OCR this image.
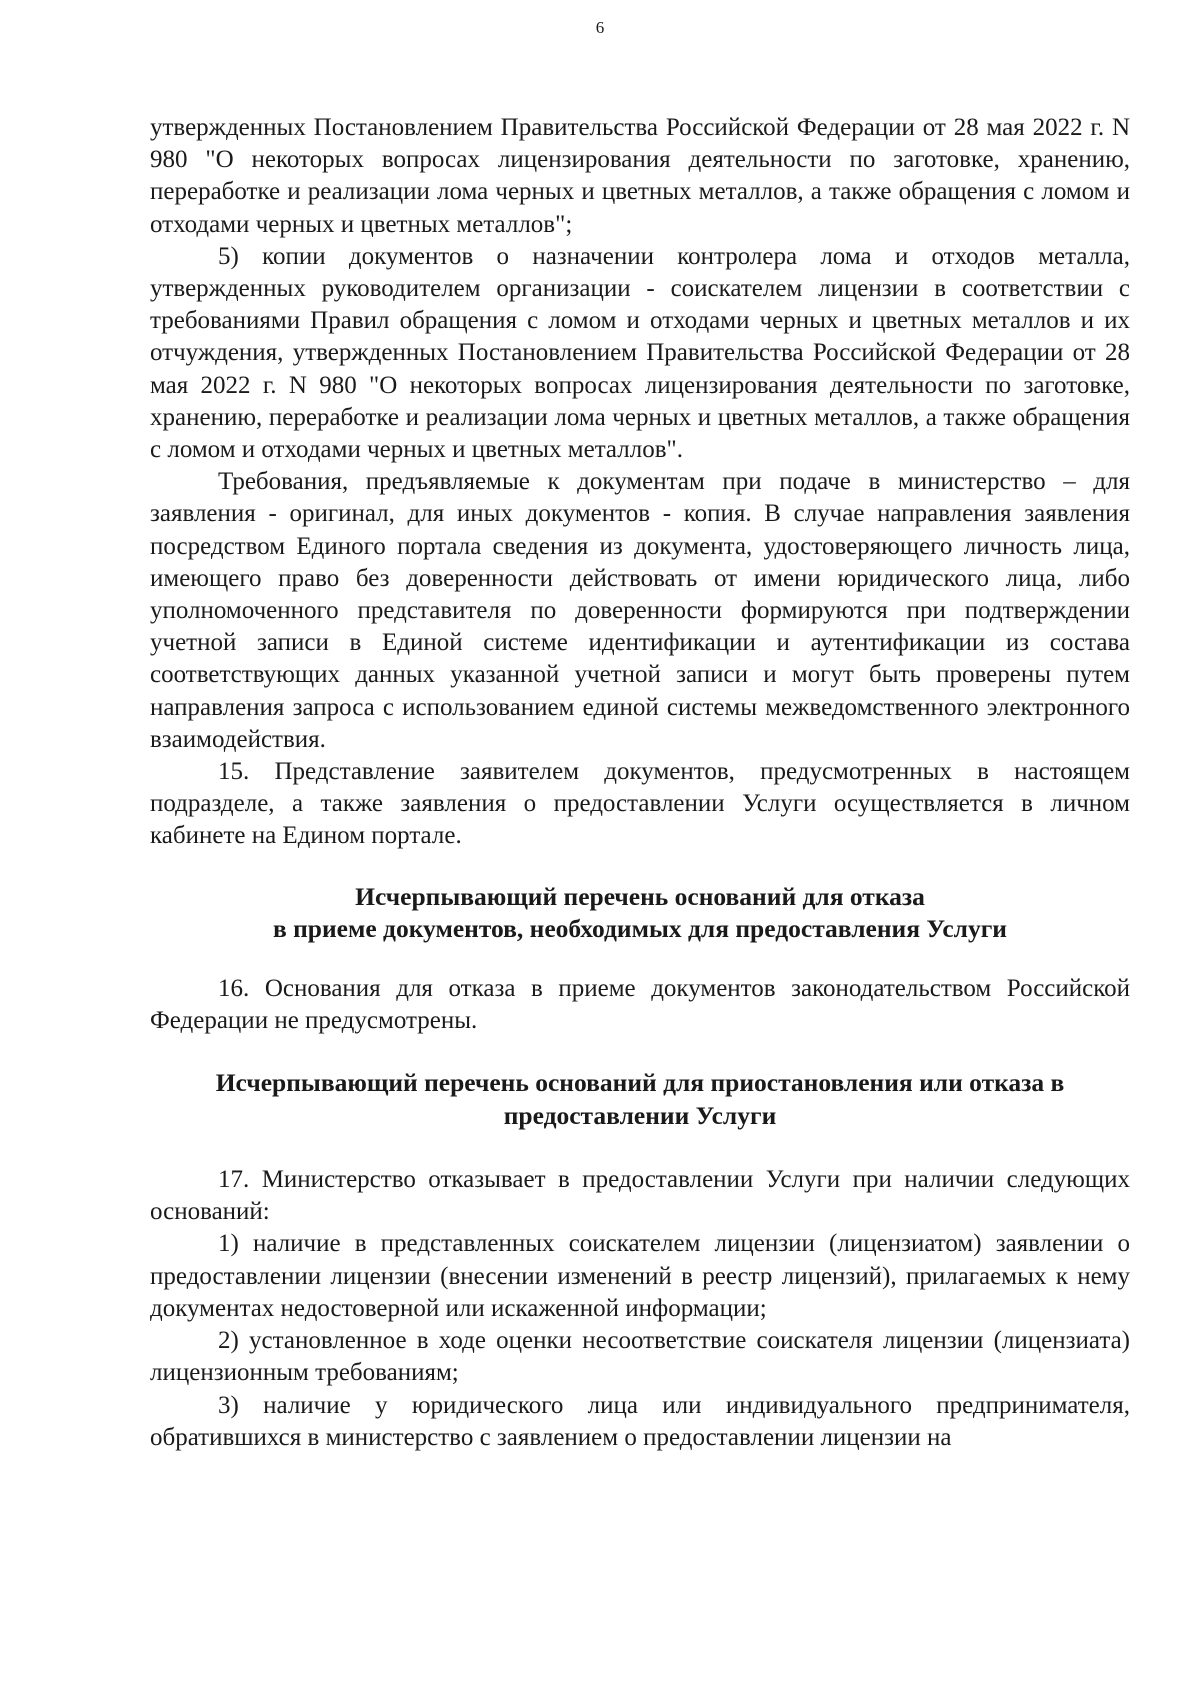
6

утвержденных Постановлением Правительства Российской Федерации от 28 мая 2022 г. N 980 "О некоторых вопросах лицензирования деятельности по заготовке, хранению, переработке и реализации лома черных и цветных металлов, а также обращения с ломом и отходами черных и цветных металлов";

5) копии документов о назначении контролера лома и отходов металла, утвержденных руководителем организации - соискателем лицензии в соответствии с требованиями Правил обращения с ломом и отходами черных и цветных металлов и их отчуждения, утвержденных Постановлением Правительства Российской Федерации от 28 мая 2022 г. N 980 "О некоторых вопросах лицензирования деятельности по заготовке, хранению, переработке и реализации лома черных и цветных металлов, а также обращения с ломом и отходами черных и цветных металлов".

Требования, предъявляемые к документам при подаче в министерство – для заявления - оригинал, для иных документов - копия. В случае направления заявления посредством Единого портала сведения из документа, удостоверяющего личность лица, имеющего право без доверенности действовать от имени юридического лица, либо уполномоченного представителя по доверенности формируются при подтверждении учетной записи в Единой системе идентификации и аутентификации из состава соответствующих данных указанной учетной записи и могут быть проверены путем направления запроса с использованием единой системы межведомственного электронного взаимодействия.

15. Представление заявителем документов, предусмотренных в настоящем подразделе, а также заявления о предоставлении Услуги осуществляется в личном кабинете на Едином портале.

Исчерпывающий перечень оснований для отказа
в приеме документов, необходимых для предоставления Услуги

16. Основания для отказа в приеме документов законодательством Российской Федерации не предусмотрены.

Исчерпывающий перечень оснований для приостановления или отказа в
предоставлении Услуги

17. Министерство отказывает в предоставлении Услуги при наличии следующих оснований:

1) наличие в представленных соискателем лицензии (лицензиатом) заявлении о предоставлении лицензии (внесении изменений в реестр лицензий), прилагаемых к нему документах недостоверной или искаженной информации;

2) установленное в ходе оценки несоответствие соискателя лицензии (лицензиата) лицензионным требованиям;

3) наличие у юридического лица или индивидуального предпринимателя, обратившихся в министерство с заявлением о предоставлении лицензии на
